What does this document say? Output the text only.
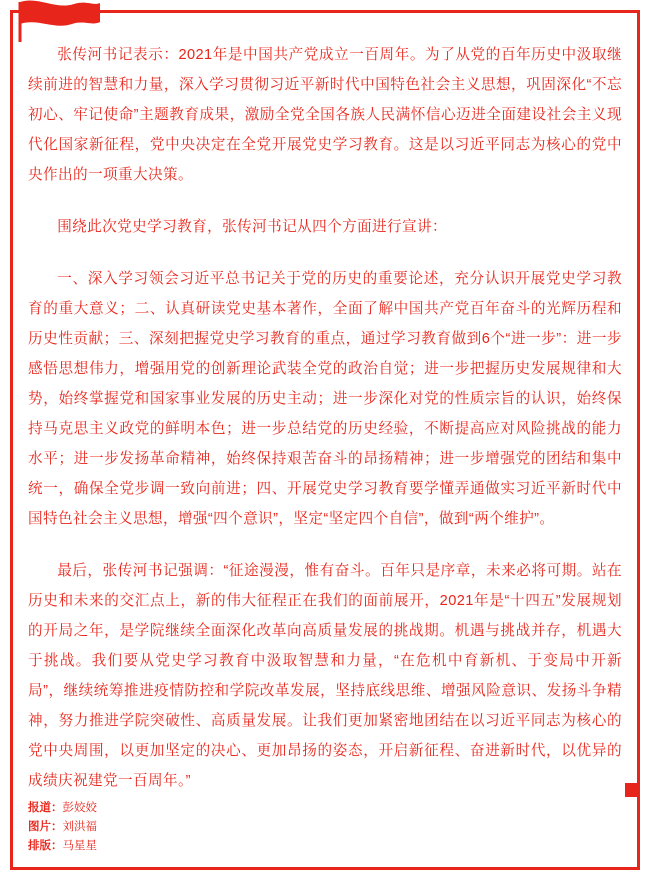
张传河书记表示：2021年是中国共产党成立一百周年。为了从党的百年历史中汲取继续前进的智慧和力量，深入学习贯彻习近平新时代中国特色社会主义思想，巩固深化“不忘初心、牢记使命”主题教育成果，激励全党全国各族人民满怀信心迈进全面建设社会主义现代化国家新征程，党中央决定在全党开展党史学习教育。这是以习近平同志为核心的党中央作出的一项重大决策。

围绕此次党史学习教育，张传河书记从四个方面进行宣讲：

一、深入学习领会习近平总书记关于党的历史的重要论述，充分认识开展党史学习教育的重大意义；二、认真研读党史基本著作，全面了解中国共产党百年奋斗的光辉历程和历史性贡献；三、深刻把握党史学习教育的重点，通过学习教育做到6个“进一步”：进一步感悟思想伟力，增强用党的创新理论武装全党的政治自觉；进一步把握历史发展规律和大势，始终掌握党和国家事业发展的历史主动；进一步深化对党的性质宗旨的认识，始终保持马克思主义政党的鲜明本色；进一步总结党的历史经验，不断提高应对风险挑战的能力水平；进一步发扬革命精神，始终保持艰苦奋斗的昂扬精神；进一步增强党的团结和集中统一，确保全党步调一致向前进；四、开展党史学习教育要学懂弄通做实习近平新时代中国特色社会主义思想，增强“四个意识”，坚定“坚定四个自信”，做到“两个维护”。

最后，张传河书记强调：“征途漫漫，惟有奋斗。百年只是序章，未来必将可期。站在历史和未来的交汇点上，新的伟大征程正在我们的面前展开，2021年是“十四五”发展规划的开局之年，是学院继续全面深化改革向高质量发展的挑战期。机遇与挑战并存，机遇大于挑战。我们要从党史学习教育中汲取智慧和力量，“在危机中育新机、于变局中开新局”，继续统筹推进疫情防控和学院改革发展，坚持底线思维、增强风险意识、发扬斗争精神，努力推进学院突破性、高质量发展。让我们更加紧密地团结在以习近平同志为核心的党中央周围，以更加坚定的决心、更加昂扬的姿态，开启新征程、奋进新时代，以优异的成绩庆祝建党一百周年。”

报道：彭姣姣
图片：刘洪福
排版：马星星
